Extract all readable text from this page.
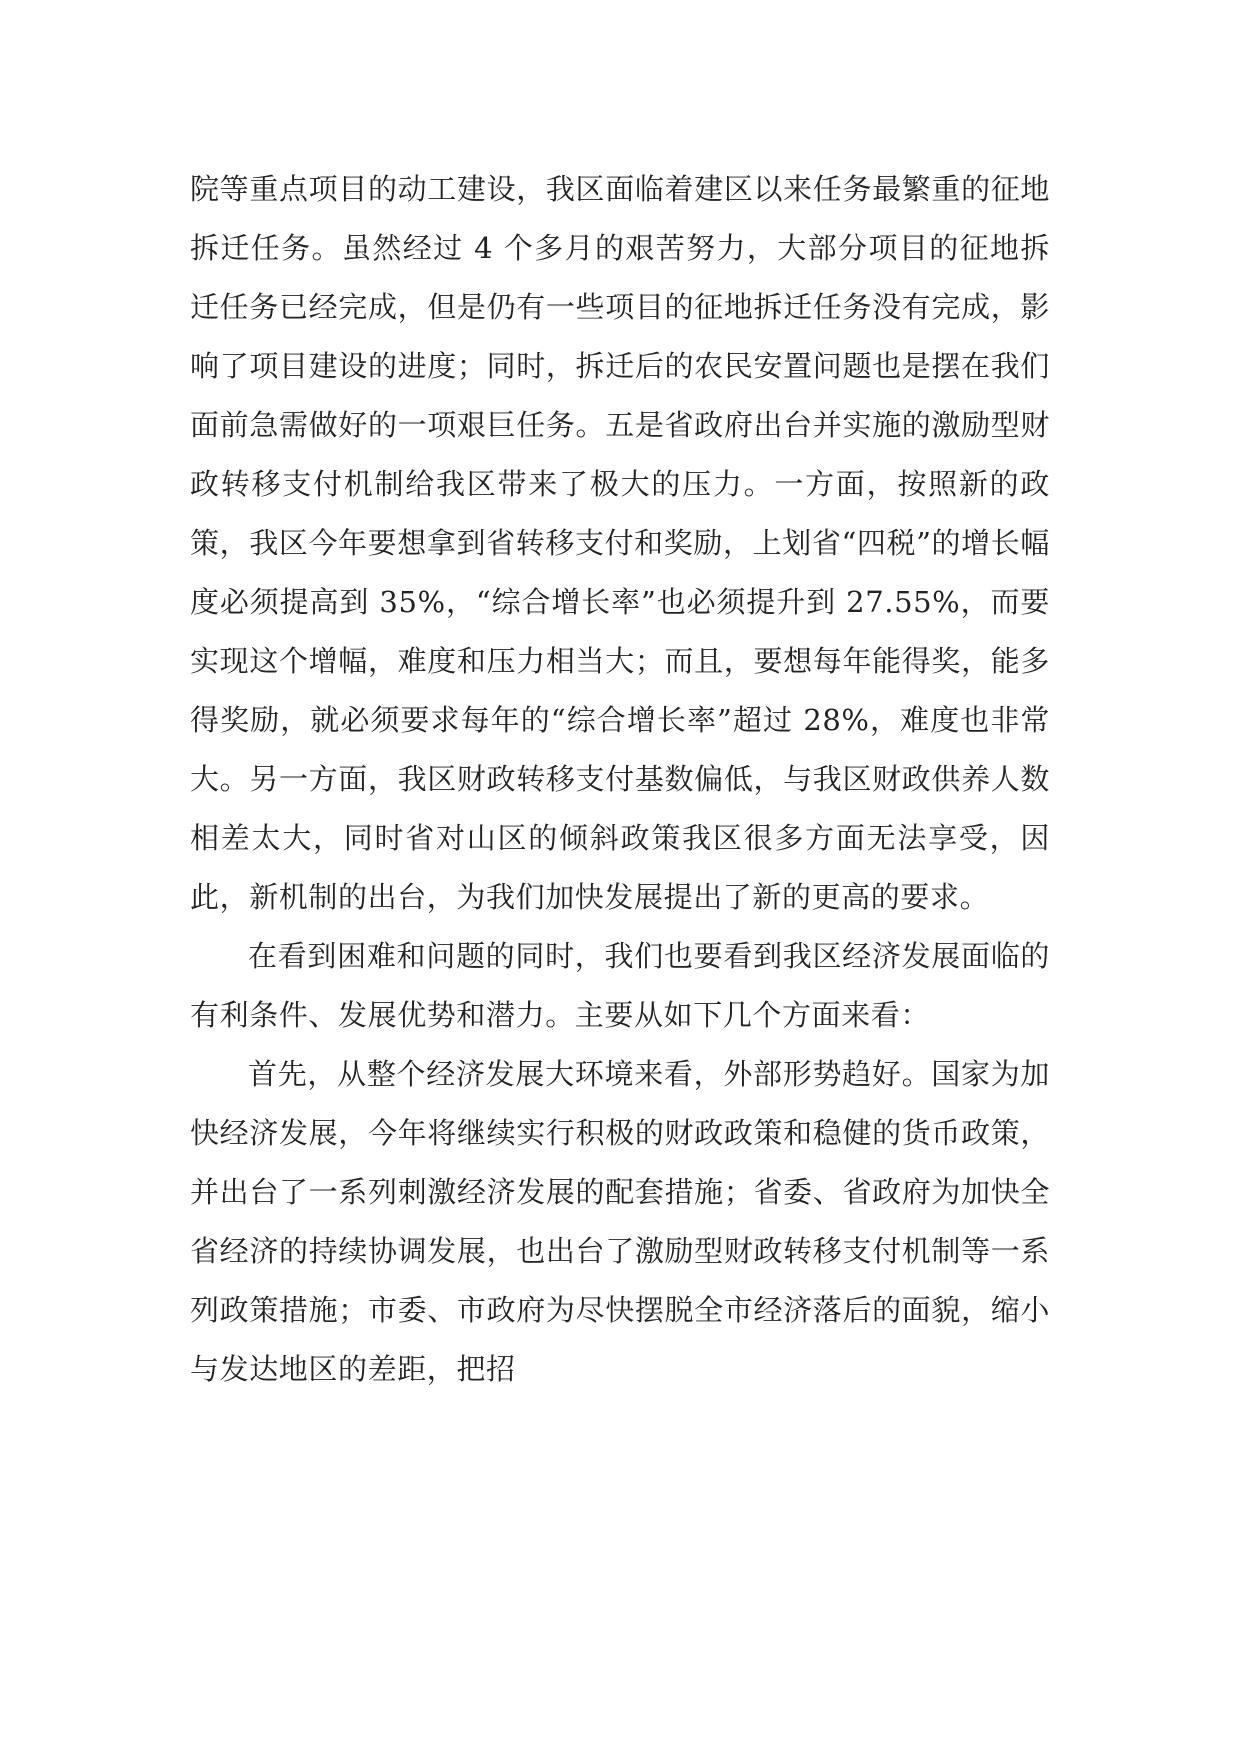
院等重点项目的动工建设，我区面临着建区以来任务最繁重的征地拆迁任务。虽然经过 4 个多月的艰苦努力，大部分项目的征地拆迁任务已经完成，但是仍有一些项目的征地拆迁任务没有完成，影响了项目建设的进度；同时，拆迁后的农民安置问题也是摆在我们面前急需做好的一项艰巨任务。五是省政府出台并实施的激励型财政转移支付机制给我区带来了极大的压力。一方面，按照新的政策，我区今年要想拿到省转移支付和奖励，上划省“四税”的增长幅度必须提高到 35%，“综合增长率”也必须提升到 27.55%，而要实现这个增幅，难度和压力相当大；而且，要想每年能得奖，能多得奖励，就必须要求每年的“综合增长率”超过 28%，难度也非常大。另一方面，我区财政转移支付基数偏低，与我区财政供养人数相差太大，同时省对山区的倾斜政策我区很多方面无法享受，因此，新机制的出台，为我们加快发展提出了新的更高的要求。

在看到困难和问题的同时，我们也要看到我区经济发展面临的有利条件、发展优势和潜力。主要从如下几个方面来看：

首先，从整个经济发展大环境来看，外部形势趋好。国家为加快经济发展，今年将继续实行积极的财政政策和稳健的货币政策，并出台了一系列刺激经济发展的配套措施；省委、省政府为加快全省经济的持续协调发展，也出台了激励型财政转移支付机制等一系列政策措施；市委、市政府为尽快摆脱全市经济落后的面貌，缩小与发达地区的差距，把招
